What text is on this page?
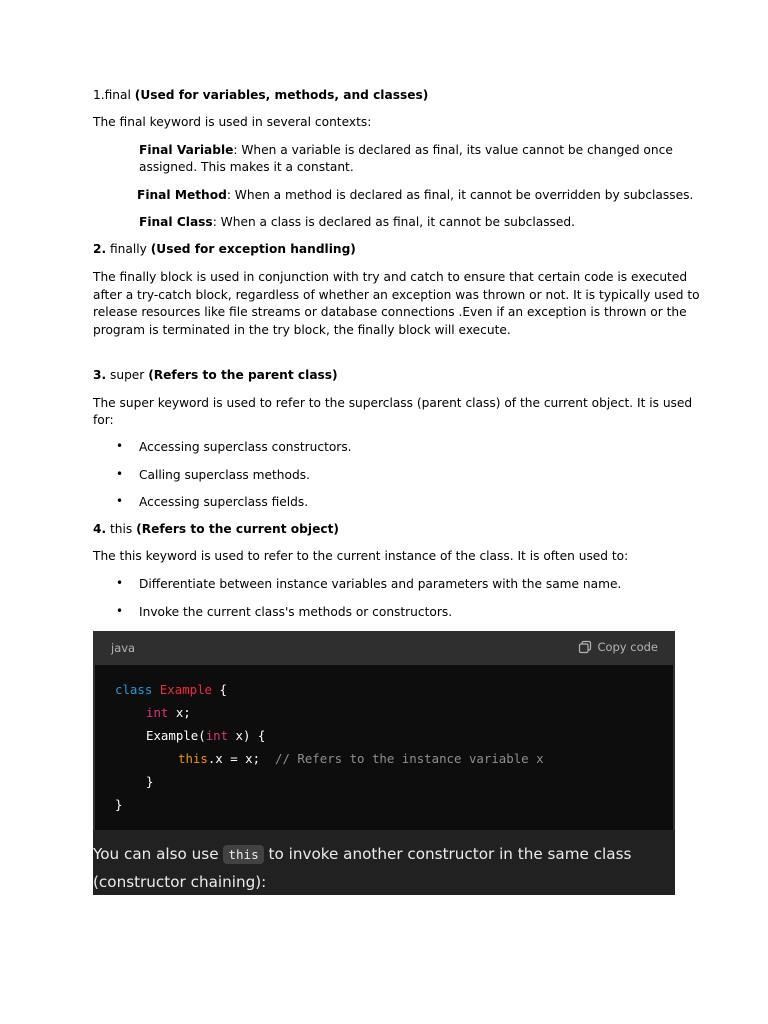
1.final (Used for variables, methods, and classes)
The final keyword is used in several contexts:
Final Variable: When a variable is declared as final, its value cannot be changed once
assigned. This makes it a constant.
Final Method: When a method is declared as final, it cannot be overridden by subclasses.
Final Class: When a class is declared as final, it cannot be subclassed.
2. finally (Used for exception handling)
The finally block is used in conjunction with try and catch to ensure that certain code is executed
after a try-catch block, regardless of whether an exception was thrown or not. It is typically used to
release resources like file streams or database connections .Even if an exception is thrown or the
program is terminated in the try block, the finally block will execute.
3. super (Refers to the parent class)
The super keyword is used to refer to the superclass (parent class) of the current object. It is used
for:
• Accessing superclass constructors.
• Calling superclass methods.
• Accessing superclass fields.
4. this (Refers to the current object)
The this keyword is used to refer to the current instance of the class. It is often used to:
• Differentiate between instance variables and parameters with the same name.
• Invoke the current class's methods or constructors.
java	Copy code
class Example {
int x;
Example(int x) {
this.x = x; // Refers to the instance variable x
}
}
You can also use this to invoke another constructor in the same class
(constructor chaining):
